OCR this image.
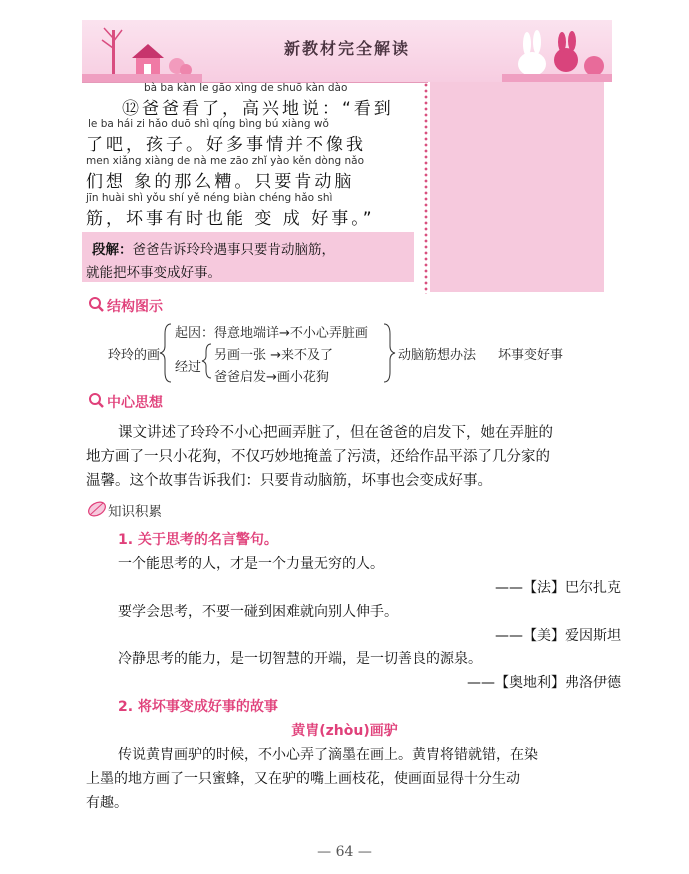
新教材完全解读
bà ba kàn le gāo xìng de shuō kàn dào
⑫爸爸看了，高兴地说：“看到
le ba hái zi hǎo duō shì qíng bìng bú xiàng wǒ
了吧，孩子。好多事情并不像我
men xiǎng xiàng de nà me zāo zhǐ yào kěn dòng nǎo
们想 象的那么糟。只要肯动脑
jīn huài shì yǒu shí yě néng biàn chéng hǎo shì
筋，坏事有时也能 变 成 好事。”
段解：爸爸告诉玲玲遇事只要肯动脑筋，
就能把坏事变成好事。
结构图示
玲玲的画
起因：得意地端详→不小心弄脏画
经过
另画一张 →来不及了
爸爸启发→画小花狗
动脑筋想办法 坏事变好事
中心思想
课文讲述了玲玲不小心把画弄脏了，但在爸爸的启发下，她在弄脏的
地方画了一只小花狗，不仅巧妙地掩盖了污渍，还给作品平添了几分家的
温馨。这个故事告诉我们：只要肯动脑筋，坏事也会变成好事。
知识积累
1. 关于思考的名言警句。
一个能思考的人，才是一个力量无穷的人。
——【法】巴尔扎克
要学会思考，不要一碰到困难就向别人伸手。
——【美】爱因斯坦
冷静思考的能力，是一切智慧的开端，是一切善良的源泉。
——【奥地利】弗洛伊德
2. 将坏事变成好事的故事
黄胄(zhòu)画驴
传说黄胄画驴的时候，不小心弄了滴墨在画上。黄胄将错就错，在染
上墨的地方画了一只蜜蜂，又在驴的嘴上画枝花，使画面显得十分生动
有趣。
— 64 —
